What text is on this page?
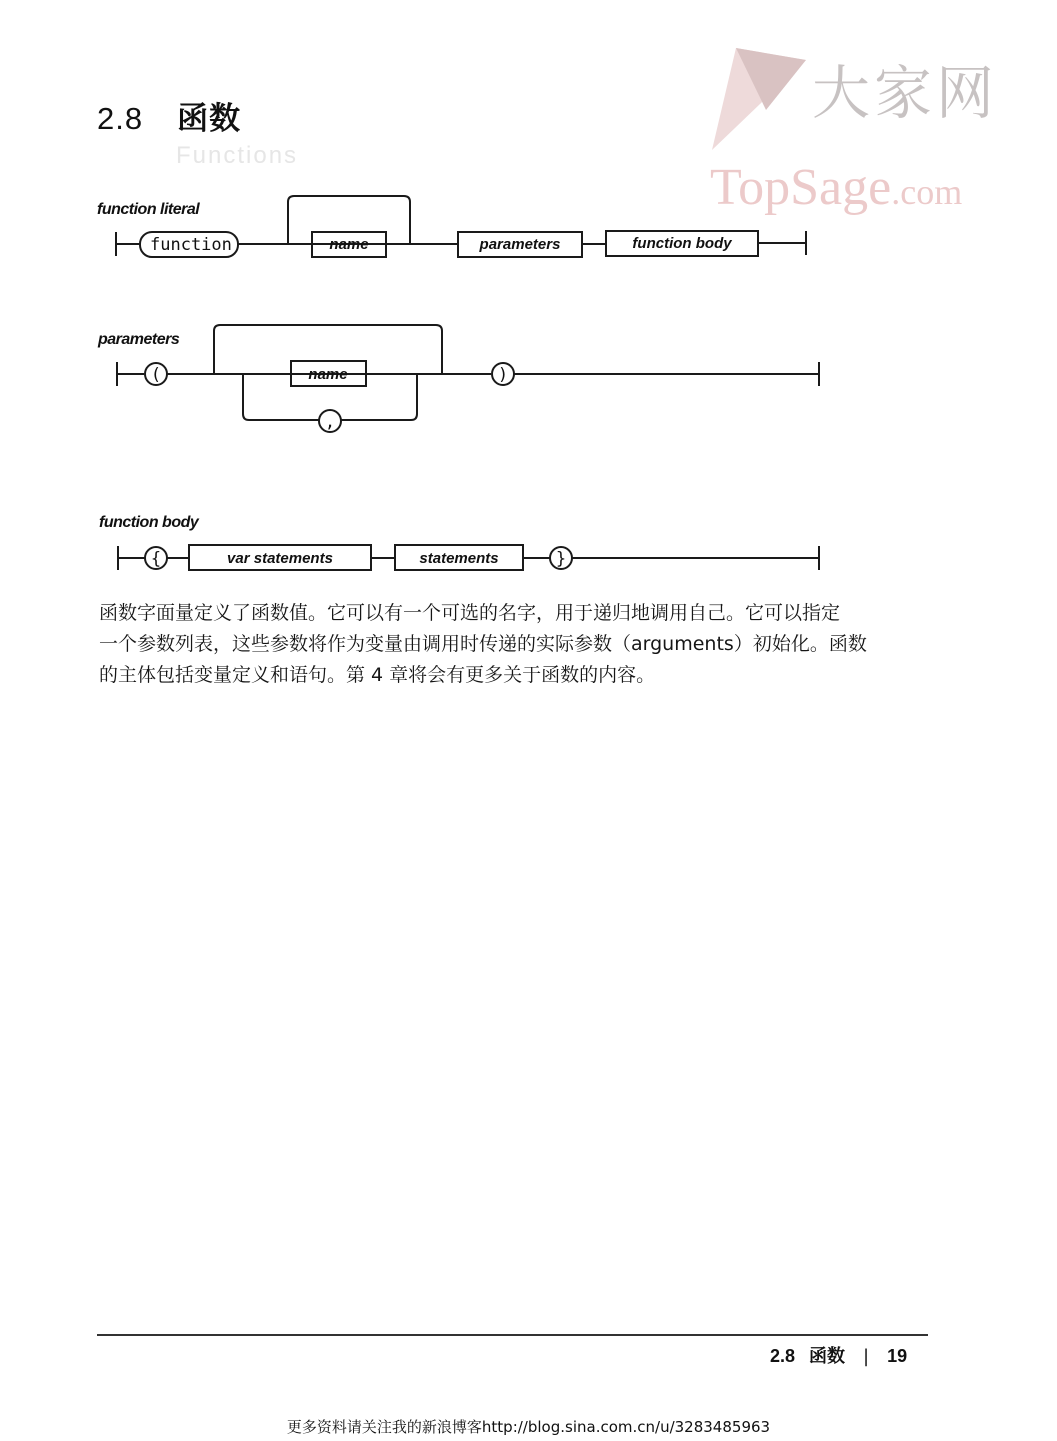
2.8 函数
Functions
大家网
TopSage.com
function literal
function	name	parameters	function body
parameters
(	name
,
)
function body
{	var statements	statements	}

函数字面量定义了函数值。它可以有一个可选的名字，用于递归地调用自己。它可以指定

一个参数列表，这些参数将作为变量由调用时传递的实际参数（arguments）初始化。函数

的主体包括变量定义和语句。第 4 章将会有更多关于函数的内容。

2.8 函数 | 19
更多资料请关注我的新浪博客http://blog.sina.com.cn/u/3283485963
